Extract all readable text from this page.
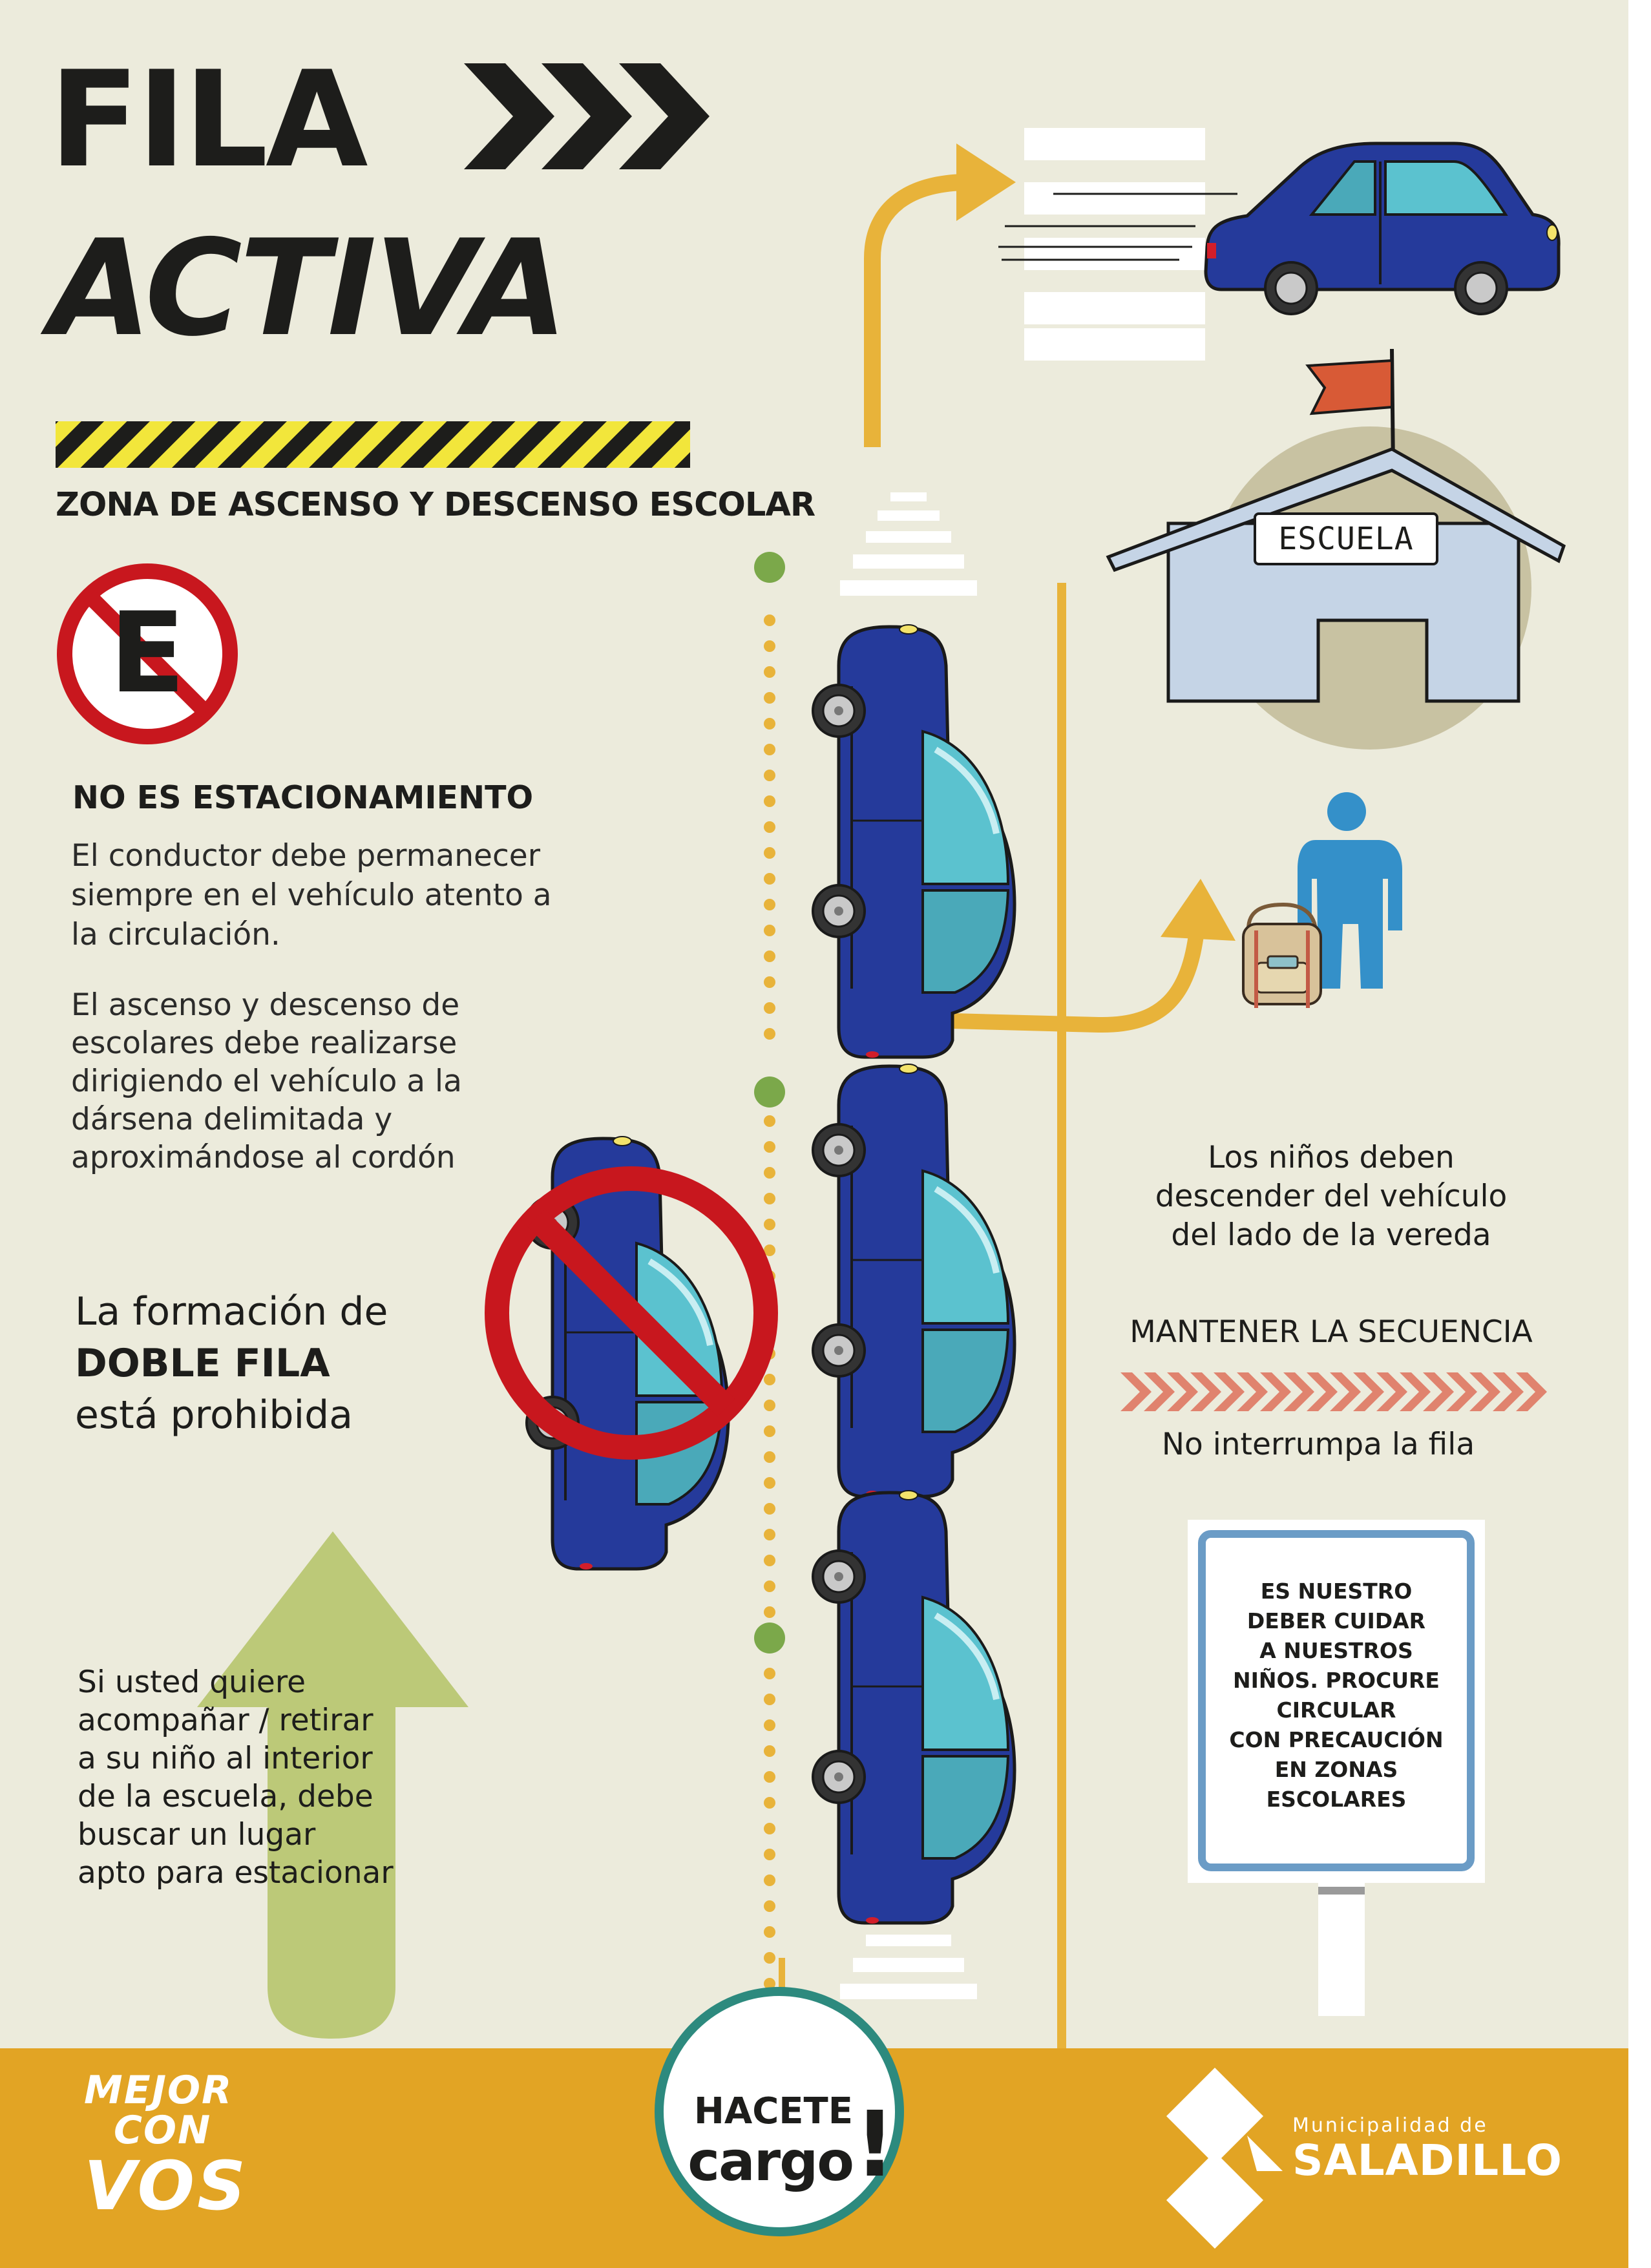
FILA
ACTIVA
ZONA DE ASCENSO Y DESCENSO ESCOLAR
E
NO ES ESTACIONAMIENTO
El conductor debe permanecer
siempre en el vehículo atento a
la circulación.
El ascenso y descenso de
escolares debe realizarse
dirigiendo el vehículo a la
dársena delimitada y
aproximándose al cordón
La formación de
DOBLE FILA
está prohibida
Si usted quiere
acompañar / retirar
a su niño al interior
de la escuela, debe
buscar un lugar
apto para estacionar
ESCUELA
Los niños deben
descender del vehículo
del lado de la vereda
MANTENER LA SECUENCIA
No interrumpa la fila
ES NUESTRO
DEBER CUIDAR
A NUESTROS
NIÑOS. PROCURE
CIRCULAR
CON PRECAUCIÓN
EN ZONAS
ESCOLARES
MEJOR
CON
VOS
HACETE
cargo !	Municipalidad de
SALADILLO
